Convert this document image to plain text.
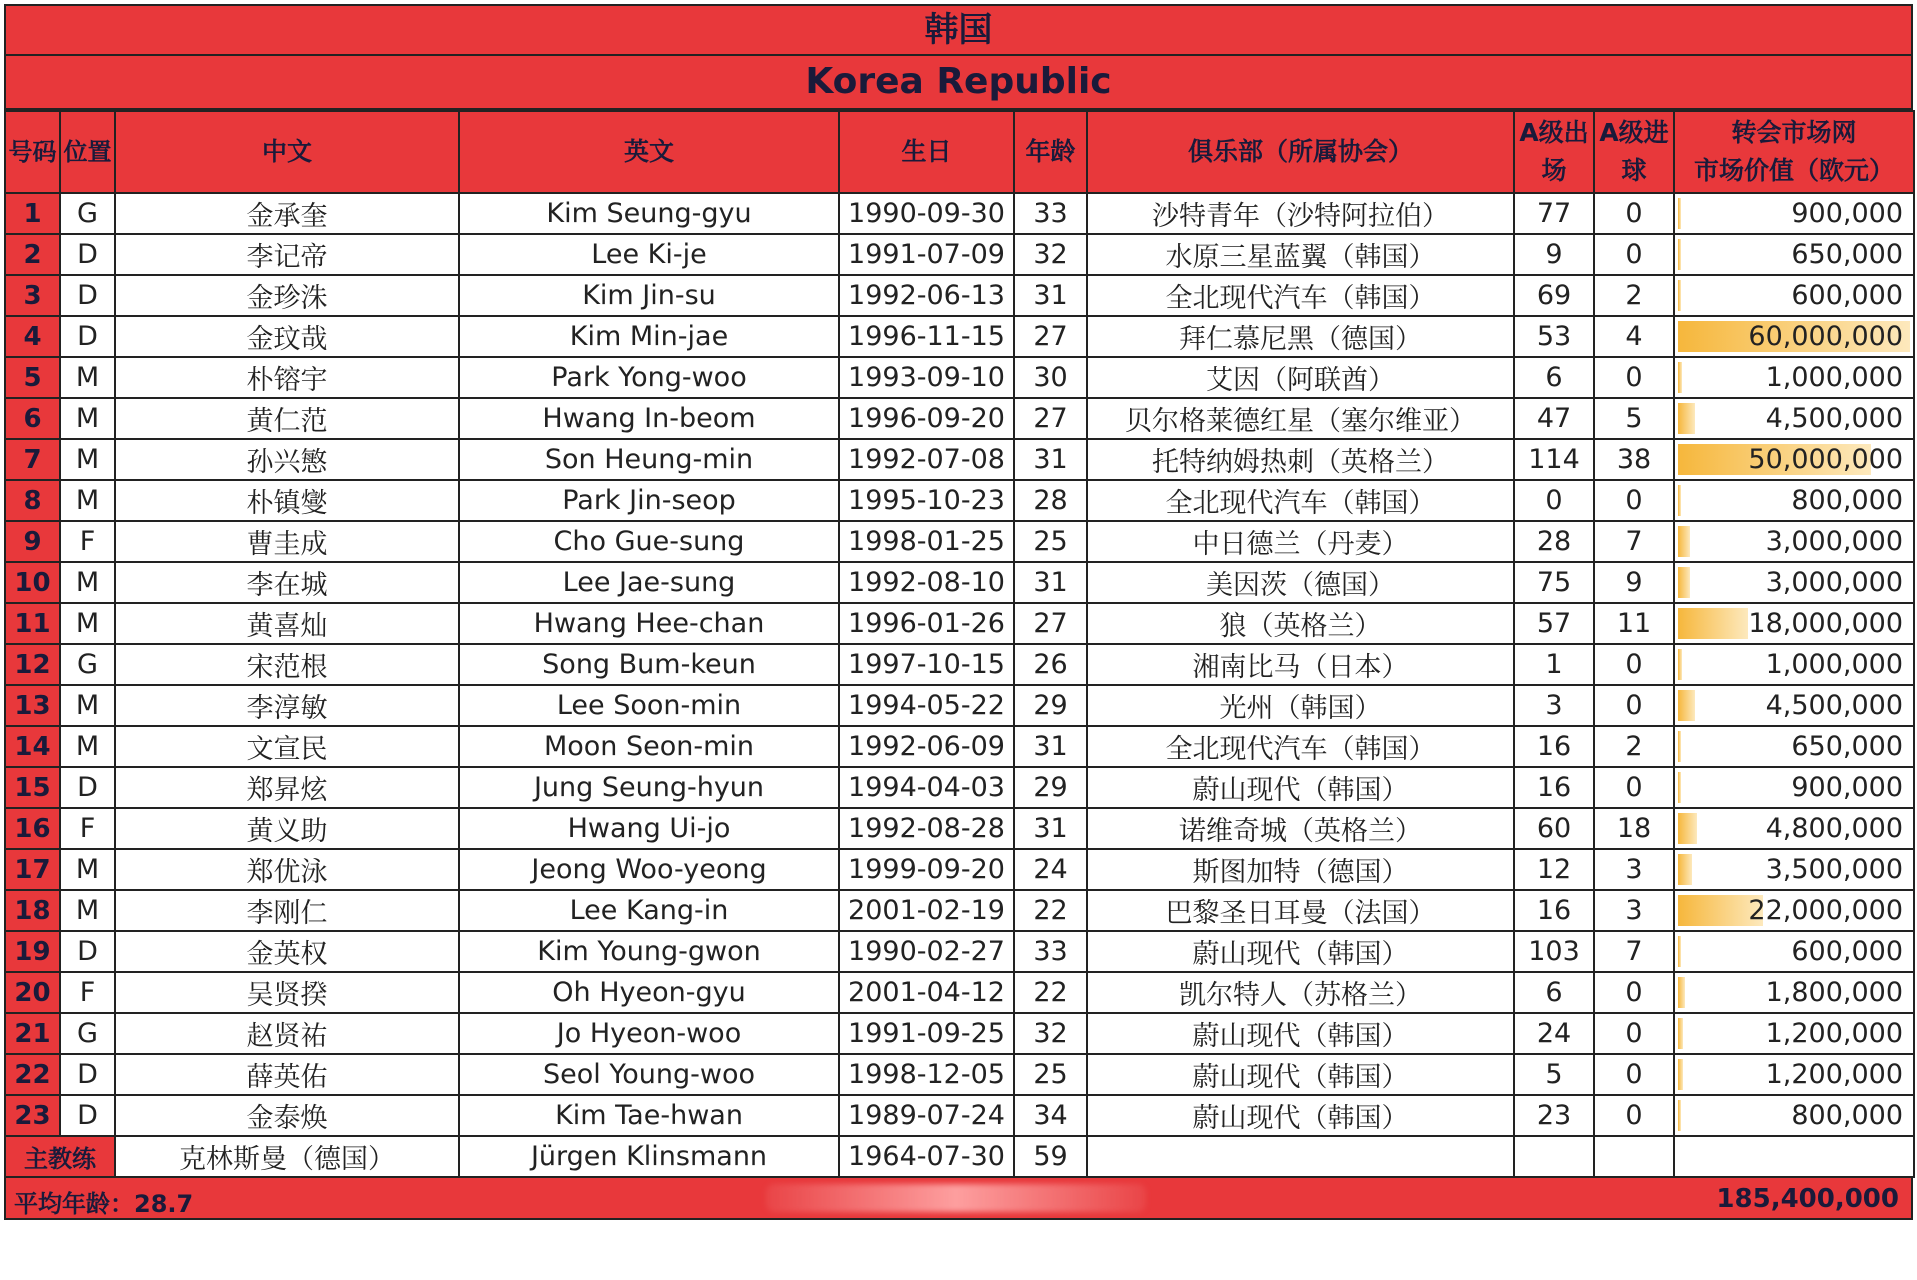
韩国
Korea Republic
号码	位置	中文	英文	生日	年龄	俱乐部（所属协会）	A级出场	A级进球	转会市场网
市场价值（欧元）

1	G	金承奎	Kim Seung-gyu	1990-09-30	33	沙特青年（沙特阿拉伯）	77	0	900,000
2	D	李记帝	Lee Ki-je	1991-07-09	32	水原三星蓝翼（韩国）	9	0	650,000
3	D	金珍洙	Kim Jin-su	1992-06-13	31	全北现代汽车（韩国）	69	2	600,000
4	D	金玟哉	Kim Min-jae	1996-11-15	27	拜仁慕尼黑（德国）	53	4	60,000,000
5	M	朴镕宇	Park Yong-woo	1993-09-10	30	艾因（阿联酋）	6	0	1,000,000
6	M	黄仁范	Hwang In-beom	1996-09-20	27	贝尔格莱德红星（塞尔维亚）	47	5	4,500,000
7	M	孙兴慜	Son Heung-min	1992-07-08	31	托特纳姆热刺（英格兰）	114	38	50,000,000
8	M	朴镇燮	Park Jin-seop	1995-10-23	28	全北现代汽车（韩国）	0	0	800,000
9	F	曹圭成	Cho Gue-sung	1998-01-25	25	中日德兰（丹麦）	28	7	3,000,000
10	M	李在城	Lee Jae-sung	1992-08-10	31	美因茨（德国）	75	9	3,000,000
11	M	黄喜灿	Hwang Hee-chan	1996-01-26	27	狼（英格兰）	57	11	18,000,000
12	G	宋范根	Song Bum-keun	1997-10-15	26	湘南比马（日本）	1	0	1,000,000
13	M	李淳敏	Lee Soon-min	1994-05-22	29	光州（韩国）	3	0	4,500,000
14	M	文宣民	Moon Seon-min	1992-06-09	31	全北现代汽车（韩国）	16	2	650,000
15	D	郑昇炫	Jung Seung-hyun	1994-04-03	29	蔚山现代（韩国）	16	0	900,000
16	F	黄义助	Hwang Ui-jo	1992-08-28	31	诺维奇城（英格兰）	60	18	4,800,000
17	M	郑优泳	Jeong Woo-yeong	1999-09-20	24	斯图加特（德国）	12	3	3,500,000
18	M	李刚仁	Lee Kang-in	2001-02-19	22	巴黎圣日耳曼（法国）	16	3	22,000,000
19	D	金英权	Kim Young-gwon	1990-02-27	33	蔚山现代（韩国）	103	7	600,000
20	F	吴贤揆	Oh Hyeon-gyu	2001-04-12	22	凯尔特人（苏格兰）	6	0	1,800,000
21	G	赵贤祐	Jo Hyeon-woo	1991-09-25	32	蔚山现代（韩国）	24	0	1,200,000
22	D	薛英佑	Seol Young-woo	1998-12-05	25	蔚山现代（韩国）	5	0	1,200,000
23	D	金泰焕	Kim Tae-hwan	1989-07-24	34	蔚山现代（韩国）	23	0	800,000
主教练		克林斯曼（德国）	Jürgen Klinsmann	1964-07-30	59				
平均年龄：28.7	185,400,000
